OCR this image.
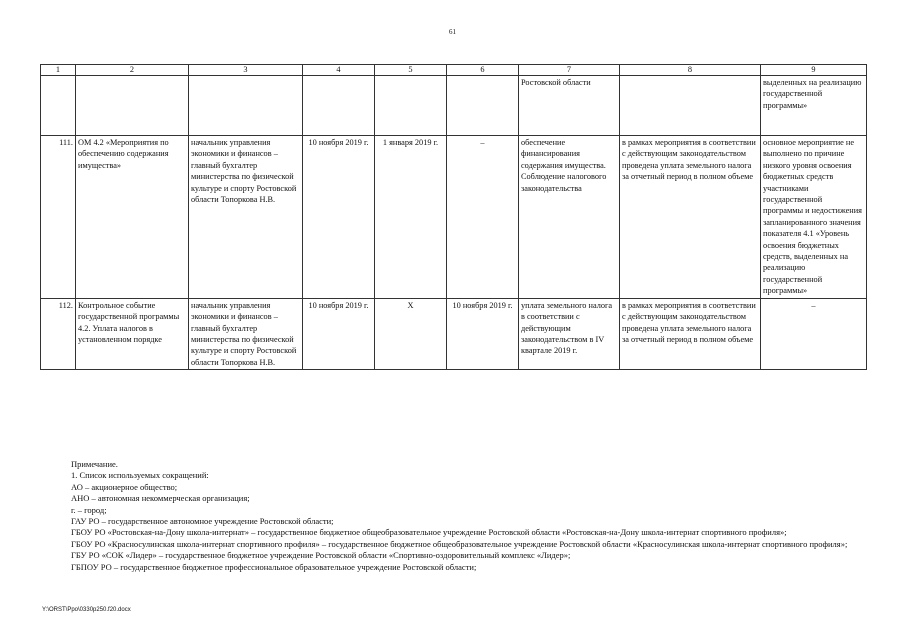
61
1	2	3	4	5	6	7	8	9
						Ростовской области		выделенных на реализацию государственной программы»
111.	ОМ 4.2 «Мероприятия по обеспечению содержания имущества»	начальник управления экономики и финансов – главный бухгалтер министерства по физической культуре и спорту Ростовской области Топоркова Н.В.	10 ноября 2019 г.	1 января 2019 г.	–	обеспечение финансирования содержания имущества. Соблюдение налогового законодательства	в рамках мероприятия в соответствии с действующим законодательством проведена уплата земельного налога за отчетный период в полном объеме	основное мероприятие не выполнено по причине низкого уровня освоения бюджетных средств участниками государственной программы и недостижения запланированного значения показателя 4.1 «Уровень освоения бюджетных средств, выделенных на реализацию государственной программы»
112.	Контрольное событие государственной программы 4.2. Уплата налогов в установленном порядке	начальник управления экономики и финансов – главный бухгалтер министерства по физической культуре и спорту Ростовской области Топоркова Н.В.	10 ноября 2019 г.	Х	10 ноября 2019 г.	уплата земельного налога в соответствии с действующим законодательством в IV квартале 2019 г.	в рамках мероприятия в соответствии с действующим законодательством проведена уплата земельного налога за отчетный период в полном объеме	–

Примечание.

1. Список используемых сокращений:

АО – акционерное общество;

АНО – автономная некоммерческая организация;

г. – город;

ГАУ РО – государственное автономное учреждение Ростовской области;

ГБОУ РО «Ростовская-на-Дону школа-интернат» – государственное бюджетное общеобразовательное учреждение Ростовской области «Ростовская-на-Дону школа-интернат спортивного профиля»;

ГБОУ РО «Красносулинская школа-интернат спортивного профиля» – государственное бюджетное общеобразовательное учреждение Ростовской области «Красносулинская школа-интернат спортивного профиля»;

ГБУ РО «СОК «Лидер» – государственное бюджетное учреждение Ростовской области «Спортивно-оздоровительный комплекс «Лидер»;

ГБПОУ РО – государственное бюджетное профессиональное образовательное учреждение Ростовской области;

Y:\ORST\Ppo\0330p250.f20.docx
